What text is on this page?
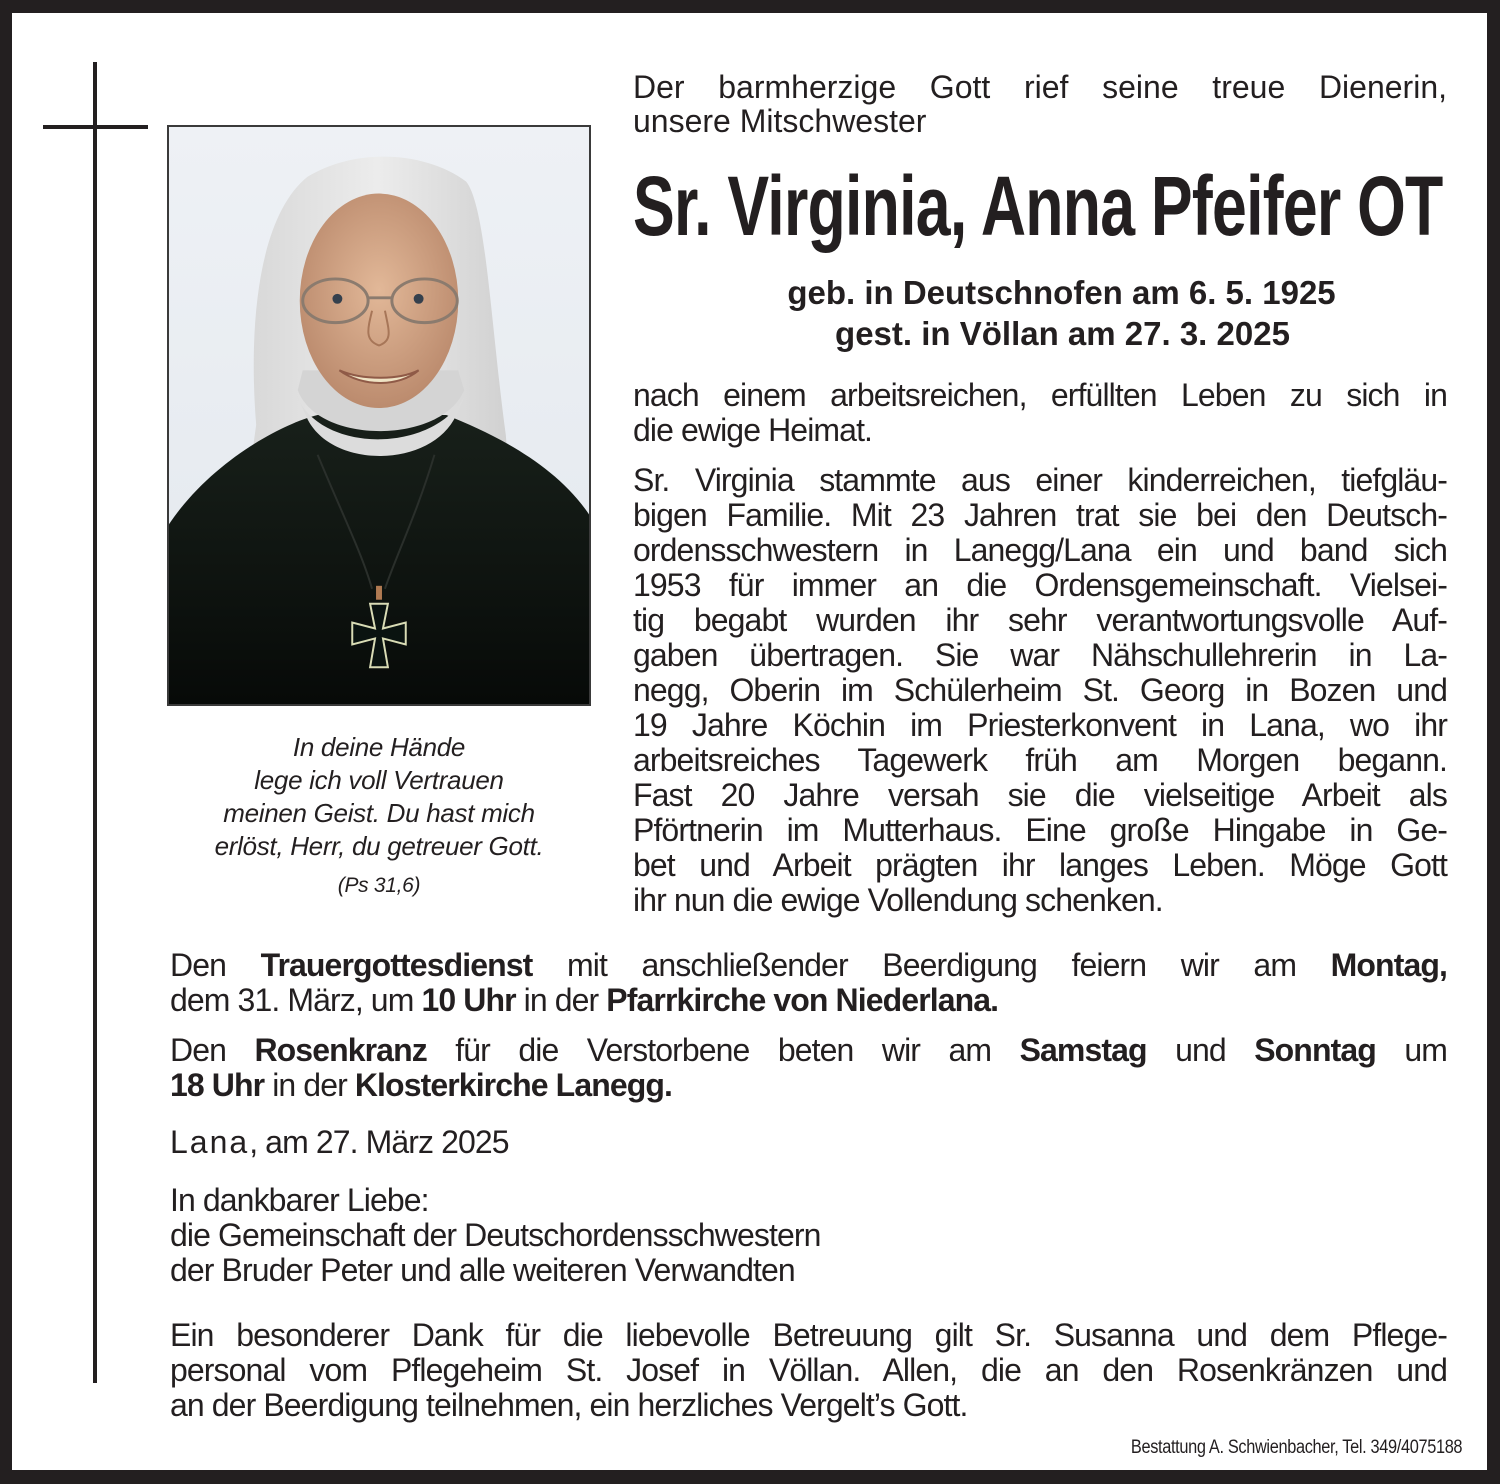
In deine Hände
lege ich voll Vertrauen
meinen Geist. Du hast mich
erlöst, Herr, du getreuer Gott.
(Ps 31,6)
Der barmherzige Gott rief seine treue Dienerin,
unsere Mitschwester
Sr. Virginia, Anna Pfeifer OT
geb. in Deutschnofen am 6. 5. 1925
gest. in Völlan am 27. 3. 2025
nach einem arbeitsreichen, erfüllten Leben zu sich in
die ewige Heimat.
Sr. Virginia stammte aus einer kinderreichen, tiefgläu-
bigen Familie. Mit 23 Jahren trat sie bei den Deutsch-
ordensschwestern in Lanegg/Lana ein und band sich
1953 für immer an die Ordensgemeinschaft. Vielsei-
tig begabt wurden ihr sehr verantwortungsvolle Auf-
gaben übertragen. Sie war Nähschullehrerin in La-
negg, Oberin im Schülerheim St. Georg in Bozen und
19 Jahre Köchin im Priesterkonvent in Lana, wo ihr
arbeitsreiches Tagewerk früh am Morgen begann.
Fast 20 Jahre versah sie die vielseitige Arbeit als
Pförtnerin im Mutterhaus. Eine große Hingabe in Ge-
bet und Arbeit prägten ihr langes Leben. Möge Gott
ihr nun die ewige Vollendung schenken.
Den Trauergottesdienst mit anschließender Beerdigung feiern wir am Montag,
dem 31. März, um 10 Uhr in der Pfarrkirche von Niederlana.
Den Rosenkranz für die Verstorbene beten wir am Samstag und Sonntag um
18 Uhr in der Klosterkirche Lanegg.
Lana, am 27. März 2025
In dankbarer Liebe:
die Gemeinschaft der Deutschordensschwestern
der Bruder Peter und alle weiteren Verwandten
Ein besonderer Dank für die liebevolle Betreuung gilt Sr. Susanna und dem Pflege-
personal vom Pflegeheim St. Josef in Völlan. Allen, die an den Rosenkränzen und
an der Beerdigung teilnehmen, ein herzliches Vergelt’s Gott.
Bestattung A. Schwienbacher, Tel. 349/4075188
